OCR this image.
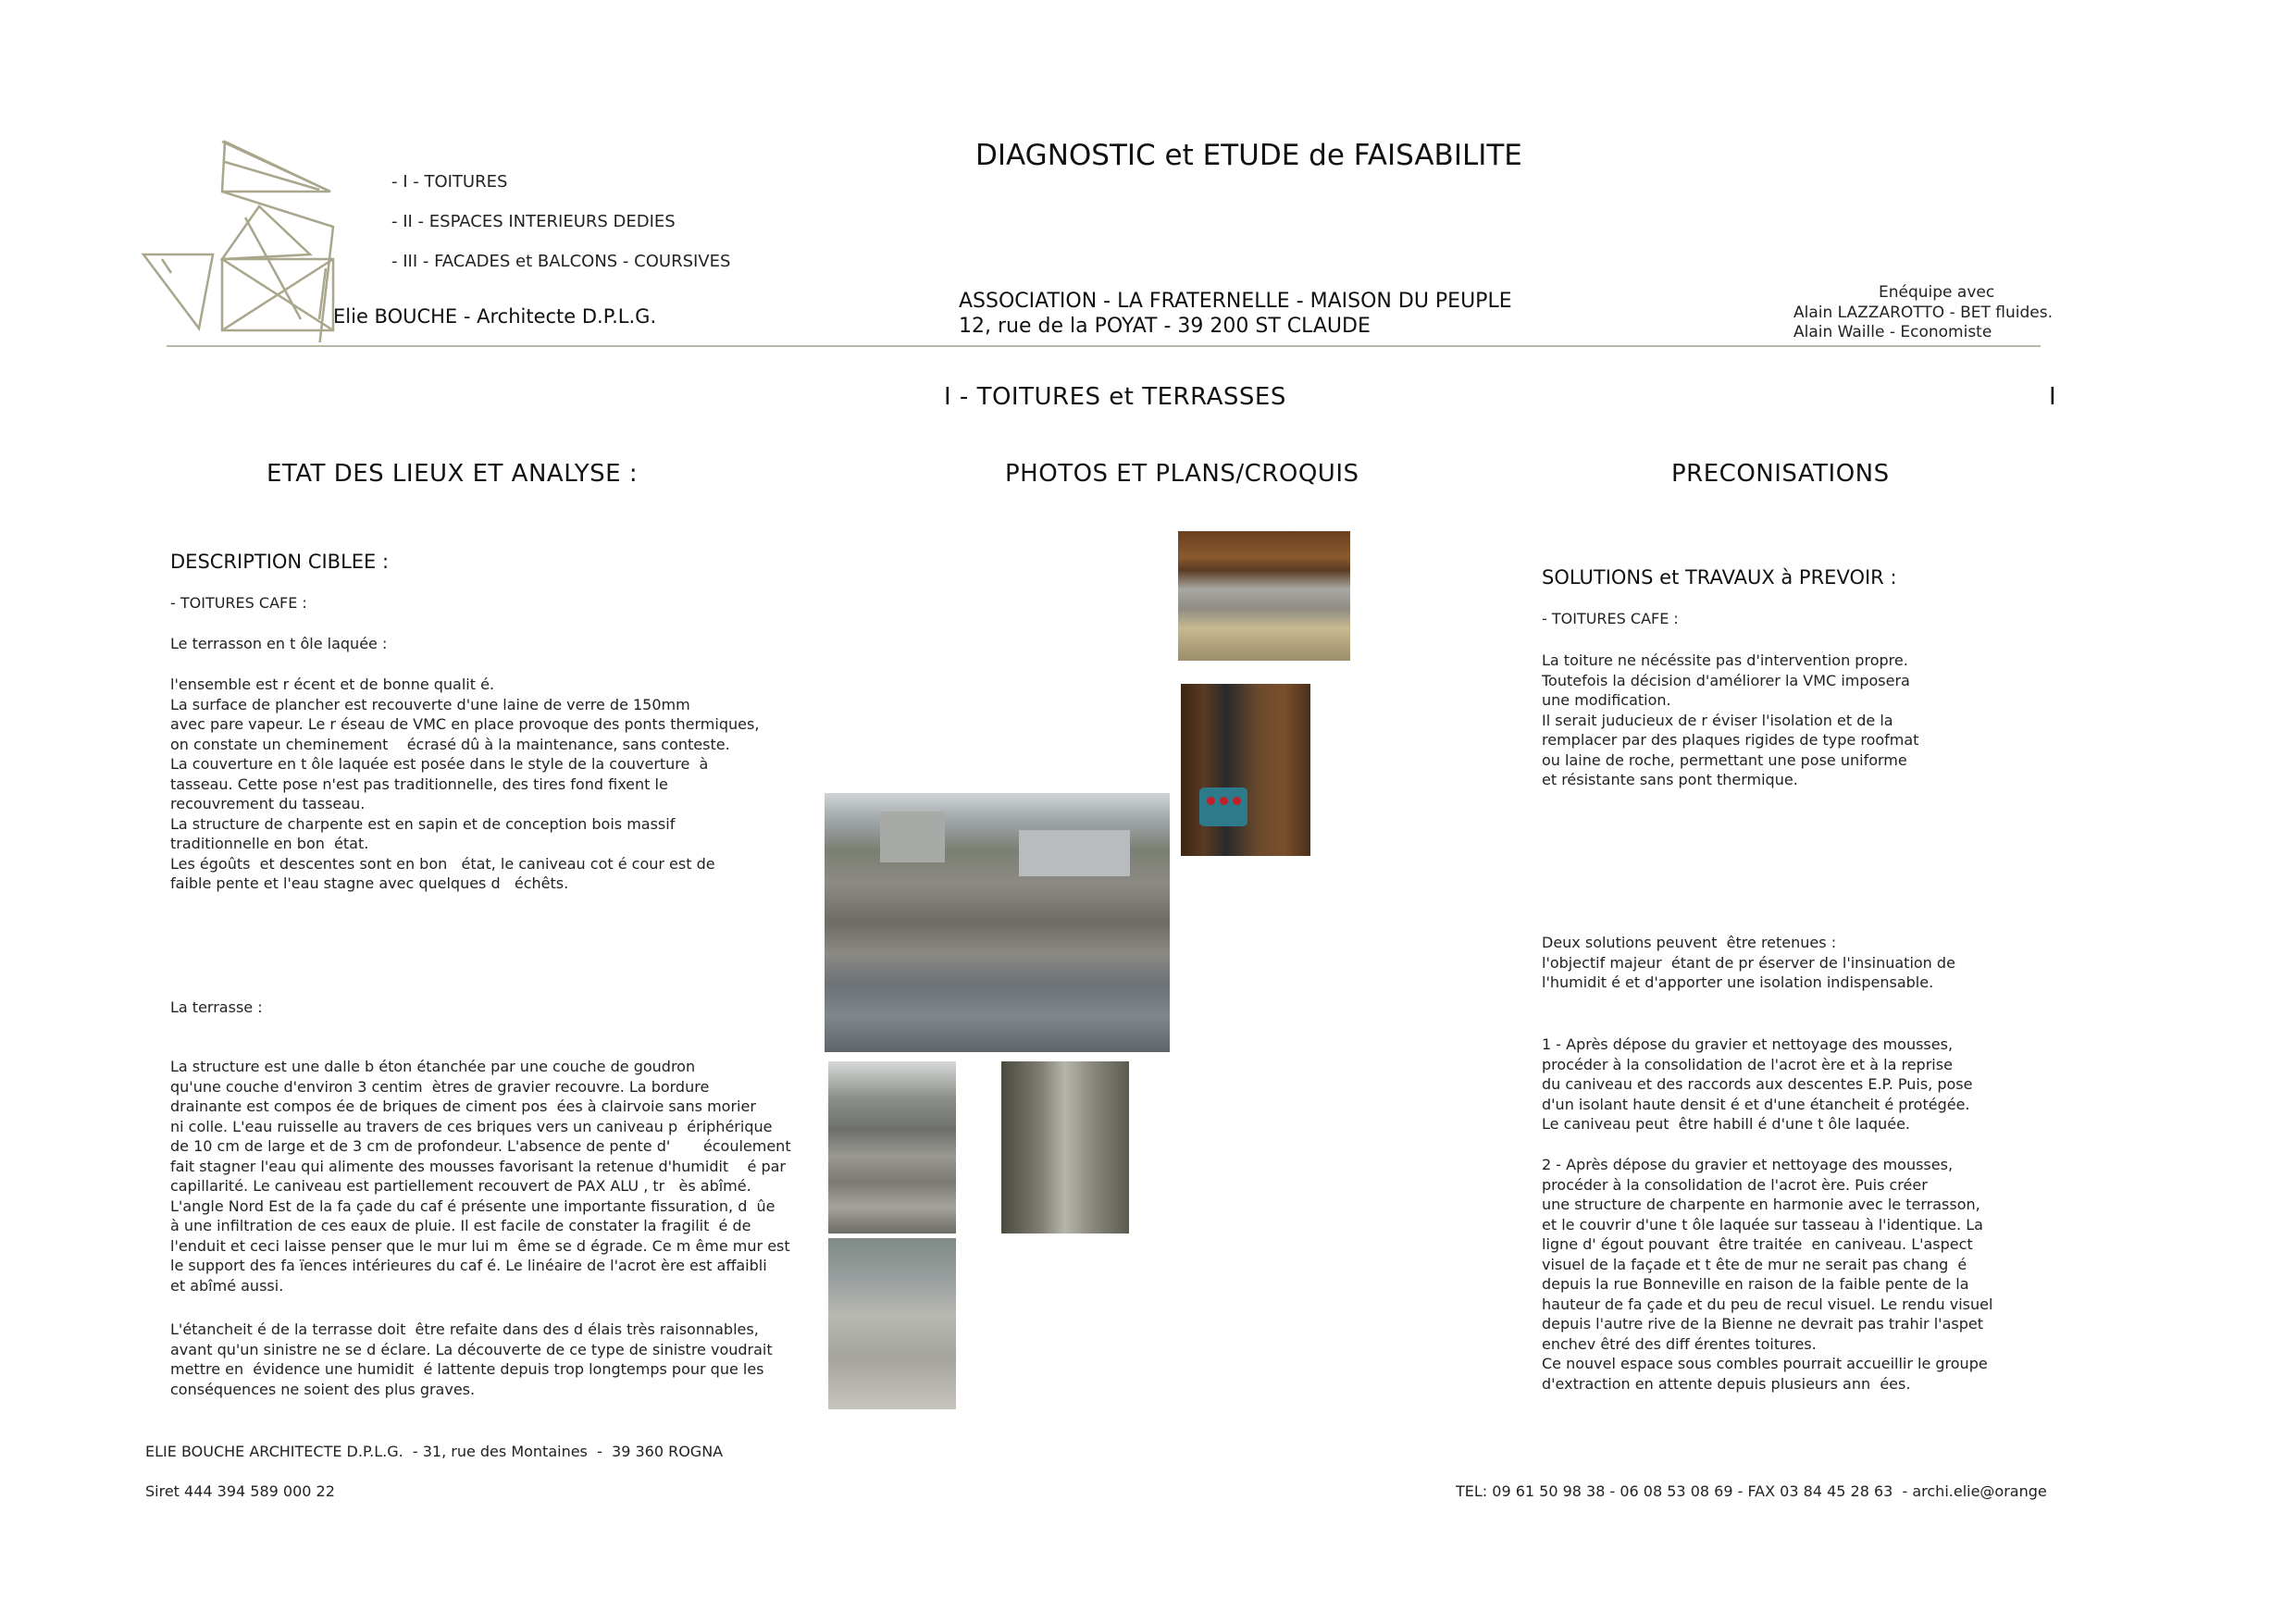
- I - TOITURES
- II - ESPACES INTERIEURS DEDIES
- III - FACADES et BALCONS - COURSIVES
DIAGNOSTIC et ETUDE de FAISABILITE
Elie BOUCHE - Architecte D.P.L.G.
ASSOCIATION - LA FRATERNELLE - MAISON DU PEUPLE
12, rue de la POYAT - 39 200 ST CLAUDE
Enéquipe avec
Alain LAZZAROTTO - BET fluides.
Alain Waille - Economiste
I - TOITURES et TERRASSES	I
ETAT DES LIEUX ET ANALYSE :	PHOTOS ET PLANS/CROQUIS	PRECONISATIONS
DESCRIPTION CIBLEE :
- TOITURES CAFE :
Le terrasson en t ôle laquée :
l'ensemble est r écent et de bonne qualit é.
La surface de plancher est recouverte d'une laine de verre de 150mm
avec pare vapeur. Le r éseau de VMC en place provoque des ponts thermiques,
on constate un cheminement    écrasé dû à la maintenance, sans conteste.
La couverture en t ôle laquée est posée dans le style de la couverture  à
tasseau. Cette pose n'est pas traditionnelle, des tires fond fixent le
recouvrement du tasseau.
La structure de charpente est en sapin et de conception bois massif
traditionnelle en bon  état.
Les égoûts  et descentes sont en bon   état, le caniveau cot é cour est de
faible pente et l'eau stagne avec quelques d   échêts.
La terrasse :
La structure est une dalle b éton étanchée par une couche de goudron
qu'une couche d'environ 3 centim  ètres de gravier recouvre. La bordure
drainante est compos ée de briques de ciment pos  ées à clairvoie sans morier
ni colle. L'eau ruisselle au travers de ces briques vers un caniveau p  ériphérique
de 10 cm de large et de 3 cm de profondeur. L'absence de pente d'       écoulement
fait stagner l'eau qui alimente des mousses favorisant la retenue d'humidit    é par
capillarité. Le caniveau est partiellement recouvert de PAX ALU , tr   ès abîmé.
L'angle Nord Est de la fa çade du caf é présente une importante fissuration, d  ûe
à une infiltration de ces eaux de pluie. Il est facile de constater la fragilit  é de
l'enduit et ceci laisse penser que le mur lui m  ême se d égrade. Ce m ême mur est
le support des fa ïences intérieures du caf é. Le linéaire de l'acrot ère est affaibli
et abîmé aussi.
L'étancheit é de la terrasse doit  être refaite dans des d élais très raisonnables,
avant qu'un sinistre ne se d éclare. La découverte de ce type de sinistre voudrait
mettre en  évidence une humidit  é lattente depuis trop longtemps pour que les
conséquences ne soient des plus graves.
SOLUTIONS et TRAVAUX à PREVOIR :
- TOITURES CAFE :
La toiture ne nécéssite pas d'intervention propre.
Toutefois la décision d'améliorer la VMC imposera
une modification.
Il serait juducieux de r éviser l'isolation et de la
remplacer par des plaques rigides de type roofmat
ou laine de roche, permettant une pose uniforme
et résistante sans pont thermique.
Deux solutions peuvent  être retenues :
l'objectif majeur  étant de pr éserver de l'insinuation de
l'humidit é et d'apporter une isolation indispensable.
1 - Après dépose du gravier et nettoyage des mousses,
procéder à la consolidation de l'acrot ère et à la reprise
du caniveau et des raccords aux descentes E.P. Puis, pose
d'un isolant haute densit é et d'une étancheit é protégée.
Le caniveau peut  être habill é d'une t ôle laquée.
2 - Après dépose du gravier et nettoyage des mousses,
procéder à la consolidation de l'acrot ère. Puis créer
une structure de charpente en harmonie avec le terrasson,
et le couvrir d'une t ôle laquée sur tasseau à l'identique. La
ligne d' égout pouvant  être traitée  en caniveau. L'aspect
visuel de la façade et t ête de mur ne serait pas chang  é
depuis la rue Bonneville en raison de la faible pente de la
hauteur de fa çade et du peu de recul visuel. Le rendu visuel
depuis l'autre rive de la Bienne ne devrait pas trahir l'aspet
enchev êtré des diff érentes toitures.
Ce nouvel espace sous combles pourrait accueillir le groupe
d'extraction en attente depuis plusieurs ann  ées.
ELIE BOUCHE ARCHITECTE D.P.L.G.  - 31, rue des Montaines  -  39 360 ROGNA
Siret 444 394 589 000 22	TEL: 09 61 50 98 38 - 06 08 53 08 69 - FAX 03 84 45 28 63  - archi.elie@orange
